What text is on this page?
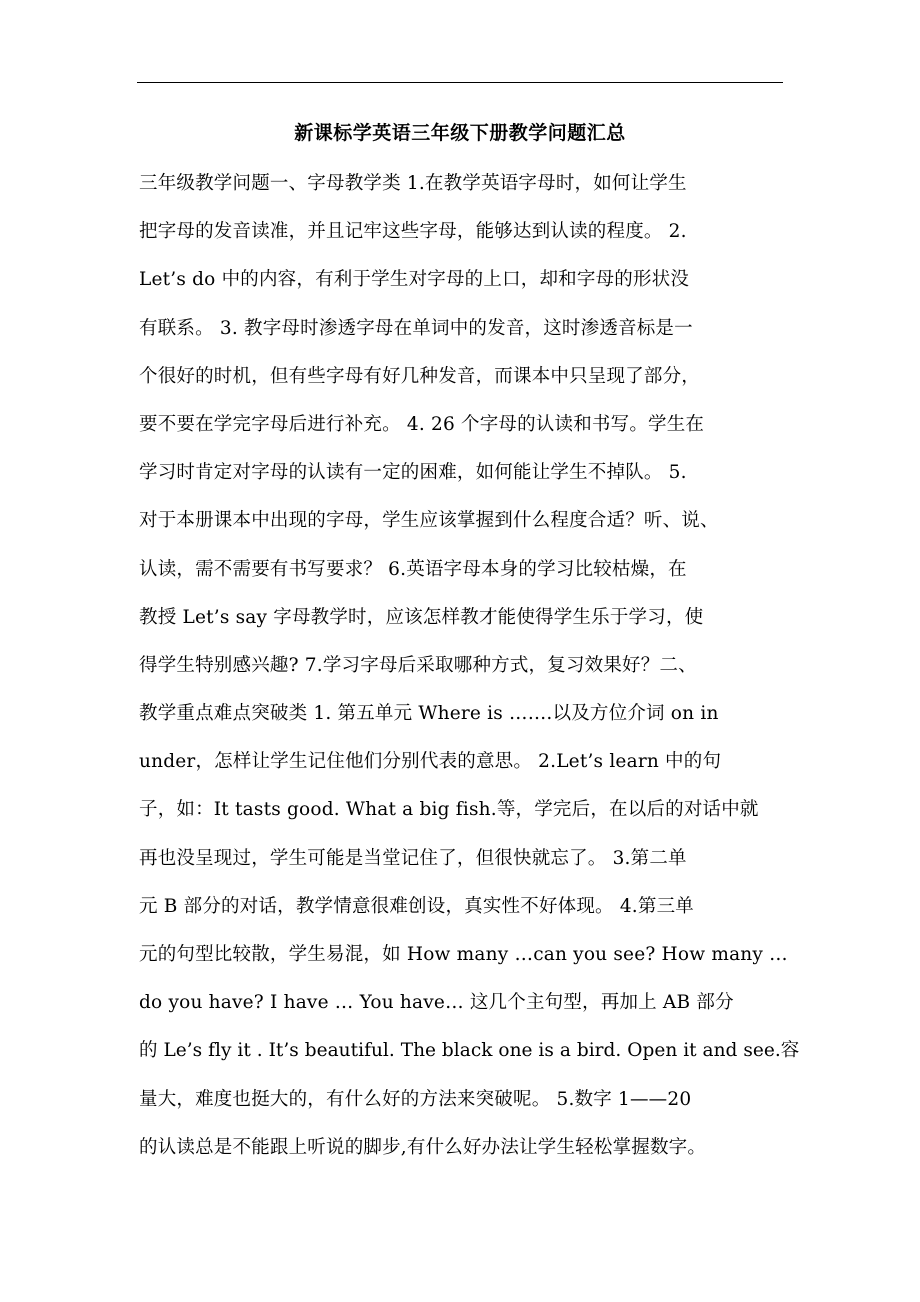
新课标学英语三年级下册教学问题汇总
三年级教学问题一、字母教学类 1.在教学英语字母时，如何让学生
把字母的发音读准，并且记牢这些字母，能够达到认读的程度。 2.
Let’s do 中的内容，有利于学生对字母的上口，却和字母的形状没
有联系。 3. 教字母时渗透字母在单词中的发音，这时渗透音标是一
个很好的时机，但有些字母有好几种发音，而课本中只呈现了部分，
要不要在学完字母后进行补充。 4. 26 个字母的认读和书写。学生在
学习时肯定对字母的认读有一定的困难，如何能让学生不掉队。 5.
对于本册课本中出现的字母，学生应该掌握到什么程度合适？听、说、
认读，需不需要有书写要求？ 6.英语字母本身的学习比较枯燥，在
教授 Let’s say 字母教学时，应该怎样教才能使得学生乐于学习，使
得学生特别感兴趣? 7.学习字母后采取哪种方式，复习效果好？二、
教学重点难点突破类 1. 第五单元 Where is …….以及方位介词 on in
under，怎样让学生记住他们分别代表的意思。 2.Let’s learn 中的句
子，如：It tasts good. What a big fish.等，学完后，在以后的对话中就
再也没呈现过，学生可能是当堂记住了，但很快就忘了。 3.第二单
元 B 部分的对话，教学情意很难创设，真实性不好体现。 4.第三单
元的句型比较散，学生易混，如 How many …can you see? How many …
do you have? I have … You have… 这几个主句型，再加上 AB 部分
的 Le’s fly it . It’s beautiful. The black one is a bird. Open it and see.容
量大，难度也挺大的，有什么好的方法来突破呢。 5.数字 1——20
的认读总是不能跟上听说的脚步,有什么好办法让学生轻松掌握数字。
